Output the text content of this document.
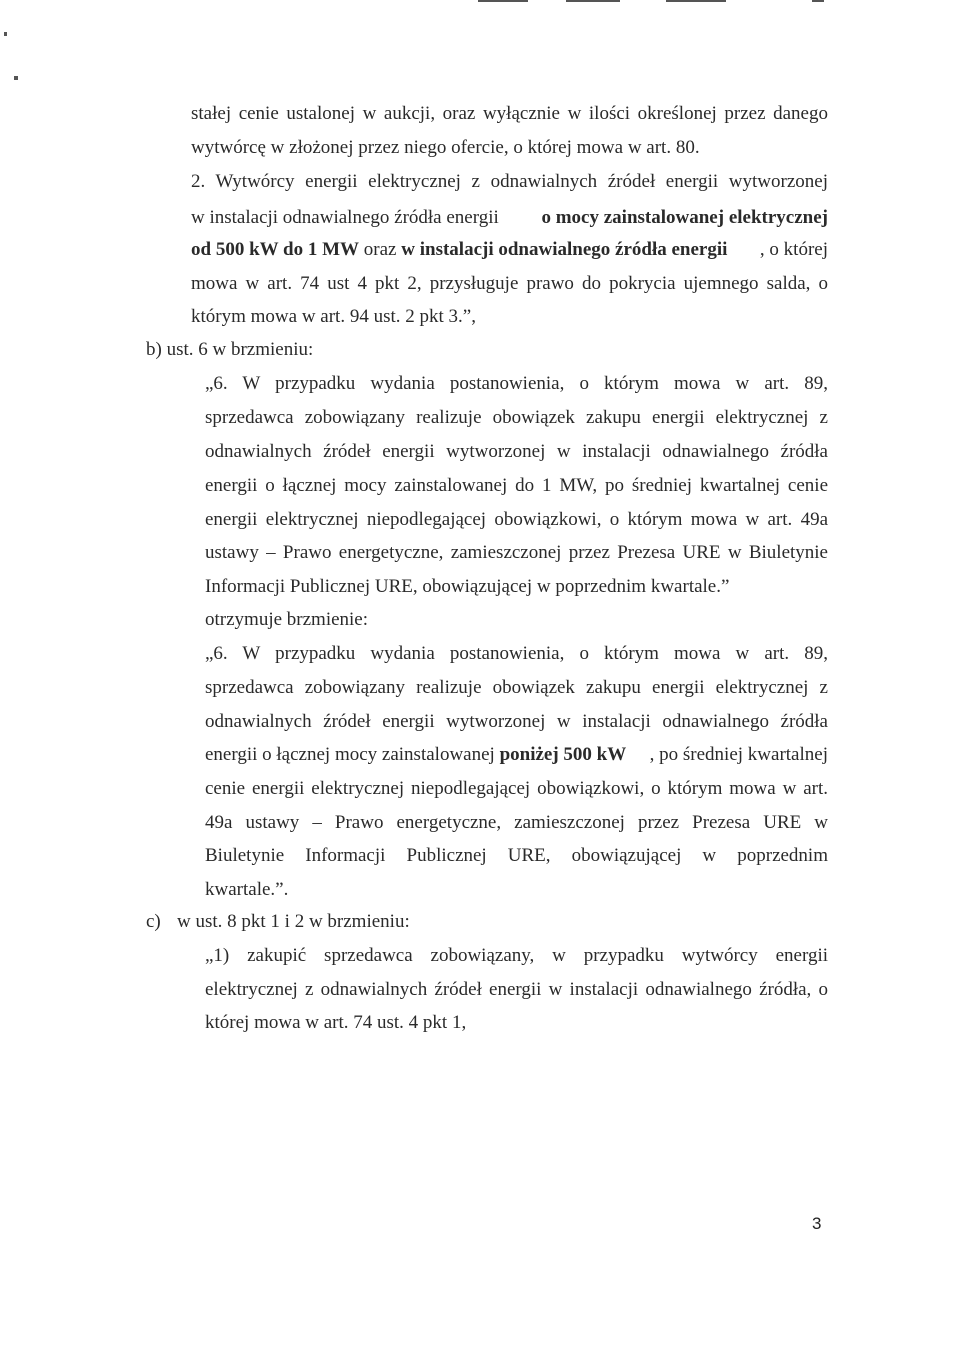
stałej cenie ustalonej w aukcji, oraz wyłącznie w ilości określonej przez danego
wytwórcę w złożonej przez niego ofercie, o której mowa w art. 80.
2. Wytwórcy energii elektrycznej z odnawialnych źródeł energii wytworzonej
w instalacji odnawialnego źródła energii o mocy zainstalowanej elektrycznej
od 500 kW do 1 MW oraz w instalacji odnawialnego źródła energii , o której
mowa w art. 74 ust 4 pkt 2, przysługuje prawo do pokrycia ujemnego salda, o
którym mowa w art. 94 ust. 2 pkt 3.”,
b) ust. 6 w brzmieniu:
„6. W przypadku wydania postanowienia, o którym mowa w art. 89,
sprzedawca zobowiązany realizuje obowiązek zakupu energii elektrycznej z
odnawialnych źródeł energii wytworzonej w instalacji odnawialnego źródła
energii o łącznej mocy zainstalowanej do 1 MW, po średniej kwartalnej cenie
energii elektrycznej niepodlegającej obowiązkowi, o którym mowa w art. 49a
ustawy – Prawo energetyczne, zamieszczonej przez Prezesa URE w Biuletynie
Informacji Publicznej URE, obowiązującej w poprzednim kwartale.”
otrzymuje brzmienie:
„6. W przypadku wydania postanowienia, o którym mowa w art. 89,
sprzedawca zobowiązany realizuje obowiązek zakupu energii elektrycznej z
odnawialnych źródeł energii wytworzonej w instalacji odnawialnego źródła
energii o łącznej mocy zainstalowanej poniżej 500 kW , po średniej kwartalnej
cenie energii elektrycznej niepodlegającej obowiązkowi, o którym mowa w art.
49a ustawy – Prawo energetyczne, zamieszczonej przez Prezesa URE w
Biuletynie Informacji Publicznej URE, obowiązującej w poprzednim
kwartale.”.
c) w ust. 8 pkt 1 i 2 w brzmieniu:
„1) zakupić sprzedawca zobowiązany, w przypadku wytwórcy energii
elektrycznej z odnawialnych źródeł energii w instalacji odnawialnego źródła, o
której mowa w art. 74 ust. 4 pkt 1,
3
